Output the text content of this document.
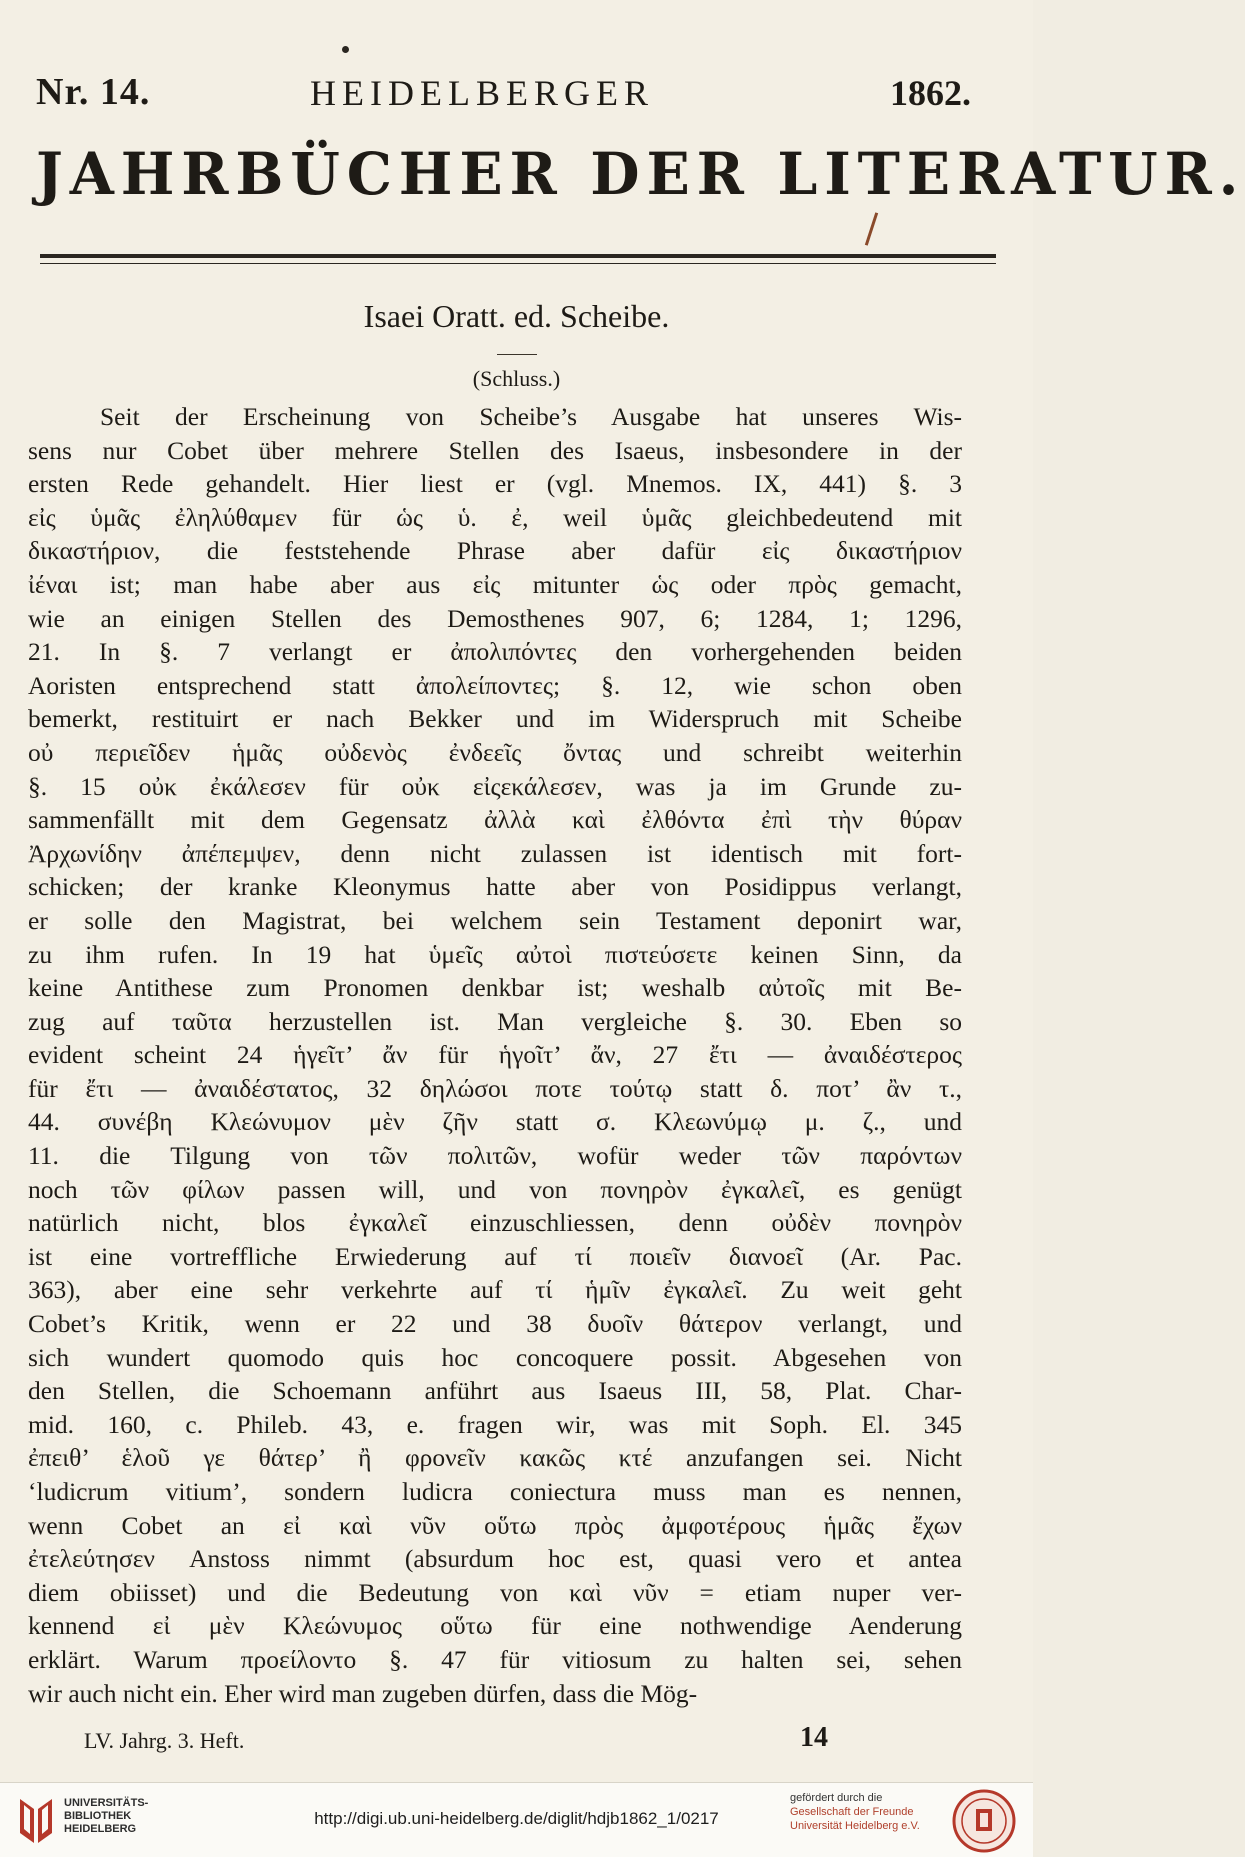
Nr. 14.	HEIDELBERGER	1862.
JAHRBÜCHER DER LITERATUR.
Isaei Oratt. ed. Scheibe.
(Schluss.)
Seit der Erscheinung von Scheibe’s Ausgabe hat unseres Wis-
sens nur Cobet über mehrere Stellen des Isaeus, insbesondere in der
ersten Rede gehandelt. Hier liest er (vgl. Mnemos. IX, 441) §. 3
εἰς ὑμᾶς ἐληλύθαμεν für ὡς ὑ. ἐ, weil ὑμᾶς gleichbedeutend mit
δικαστήριον, die feststehende Phrase aber dafür εἰς δικαστήριον
ἰέναι ist; man habe aber aus εἰς mitunter ὡς oder πρὸς gemacht,
wie an einigen Stellen des Demosthenes 907, 6; 1284, 1; 1296,
21. In §. 7 verlangt er ἀπολιπόντες den vorhergehenden beiden
Aoristen entsprechend statt ἀπολείποντες; §. 12, wie schon oben
bemerkt, restituirt er nach Bekker und im Widerspruch mit Scheibe
οὐ περιεῖδεν ἡμᾶς οὐδενὸς ἐνδεεῖς ὄντας und schreibt weiterhin
§. 15 οὐκ ἐκάλεσεν für οὐκ εἰςεκάλεσεν, was ja im Grunde zu-
sammenfällt mit dem Gegensatz ἀλλὰ καὶ ἐλθόντα ἐπὶ τὴν θύραν
Ἀρχωνίδην ἀπέπεμψεν, denn nicht zulassen ist identisch mit fort-
schicken; der kranke Kleonymus hatte aber von Posidippus verlangt,
er solle den Magistrat, bei welchem sein Testament deponirt war,
zu ihm rufen. In 19 hat ὑμεῖς αὐτοὶ πιστεύσετε keinen Sinn, da
keine Antithese zum Pronomen denkbar ist; weshalb αὐτοῖς mit Be-
zug auf ταῦτα herzustellen ist. Man vergleiche §. 30. Eben so
evident scheint 24 ἡγεῖτ’ ἄν für ἡγοῖτ’ ἄν, 27 ἔτι — ἀναιδέστερος
für ἔτι — ἀναιδέστατος, 32 δηλώσοι ποτε τούτῳ statt δ. ποτ’ ἂν τ.,
44. συνέβη Κλεώνυμον μὲν ζῆν statt σ. Κλεωνύμῳ μ. ζ., und
11. die Tilgung von τῶν πολιτῶν, wofür weder τῶν παρόντων
noch τῶν φίλων passen will, und von πονηρὸν ἐγκαλεῖ, es genügt
natürlich nicht, blos ἐγκαλεῖ einzuschliessen, denn οὐδὲν πονηρὸν
ist eine vortreffliche Erwiederung auf τί ποιεῖν διανοεῖ (Ar. Pac.
363), aber eine sehr verkehrte auf τί ἡμῖν ἐγκαλεῖ. Zu weit geht
Cobet’s Kritik, wenn er 22 und 38 δυοῖν θάτερον verlangt, und
sich wundert quomodo quis hoc concoquere possit. Abgesehen von
den Stellen, die Schoemann anführt aus Isaeus III, 58, Plat. Char-
mid. 160, c. Phileb. 43, e. fragen wir, was mit Soph. El. 345
ἐπειθ’ ἑλοῦ γε θάτερ’ ἢ φρονεῖν κακῶς κτέ anzufangen sei. Nicht
‘ludicrum vitium’, sondern ludicra coniectura muss man es nennen,
wenn Cobet an εἰ καὶ νῦν οὕτω πρὸς ἀμφοτέρους ἡμᾶς ἔχων
ἐτελεύτησεν Anstoss nimmt (absurdum hoc est, quasi vero et antea
diem obiisset) und die Bedeutung von καὶ νῦν = etiam nuper ver-
kennend εἰ μὲν Κλεώνυμος οὕτω für eine nothwendige Aenderung
erklärt. Warum προείλοντο §. 47 für vitiosum zu halten sei, sehen
wir auch nicht ein. Eher wird man zugeben dürfen, dass die Mög-
LV. Jahrg. 3. Heft.	14
UNIVERSITÄTS-
BIBLIOTHEK
HEIDELBERG
http://digi.ub.uni-heidelberg.de/diglit/hdjb1862_1/0217
gefördert durch die
Gesellschaft der Freunde
Universität Heidelberg e.V.
